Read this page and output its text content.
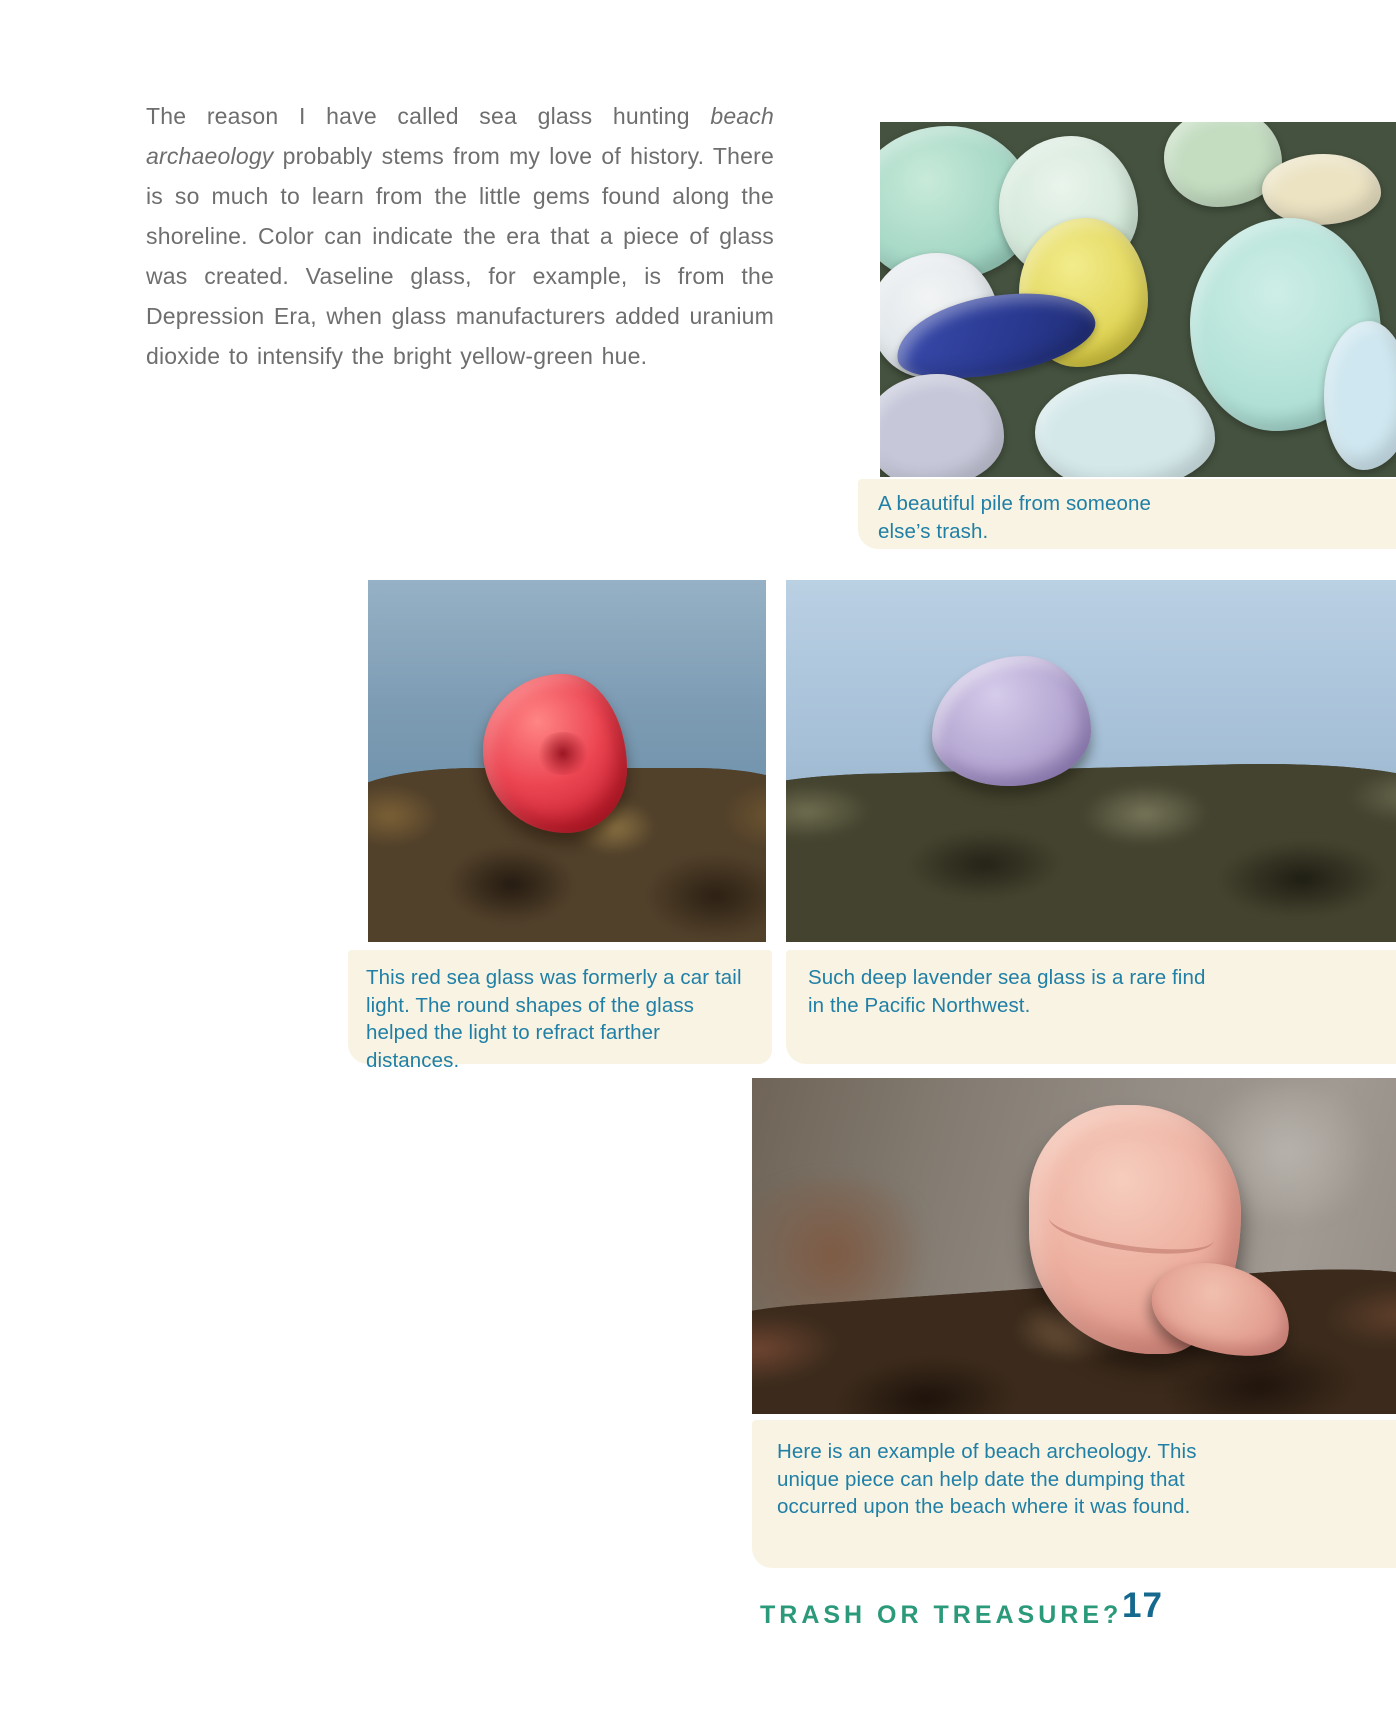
The reason I have called sea glass hunting beach archaeology probably stems from my love of history. There is so much to learn from the little gems found along the shoreline. Color can indicate the era that a piece of glass was created. Vaseline glass, for example, is from the Depression Era, when glass manufacturers added uranium dioxide to intensify the bright yellow-green hue.

A beautiful pile from someone else’s trash.

This red sea glass was formerly a car tail light. The round shapes of the glass helped the light to refract farther distances.

Such deep lavender sea glass is a rare find in the Pacific Northwest.

Here is an example of beach archeology. This unique piece can help date the dumping that occurred upon the beach where it was found.

TRASH OR TREASURE? 17
